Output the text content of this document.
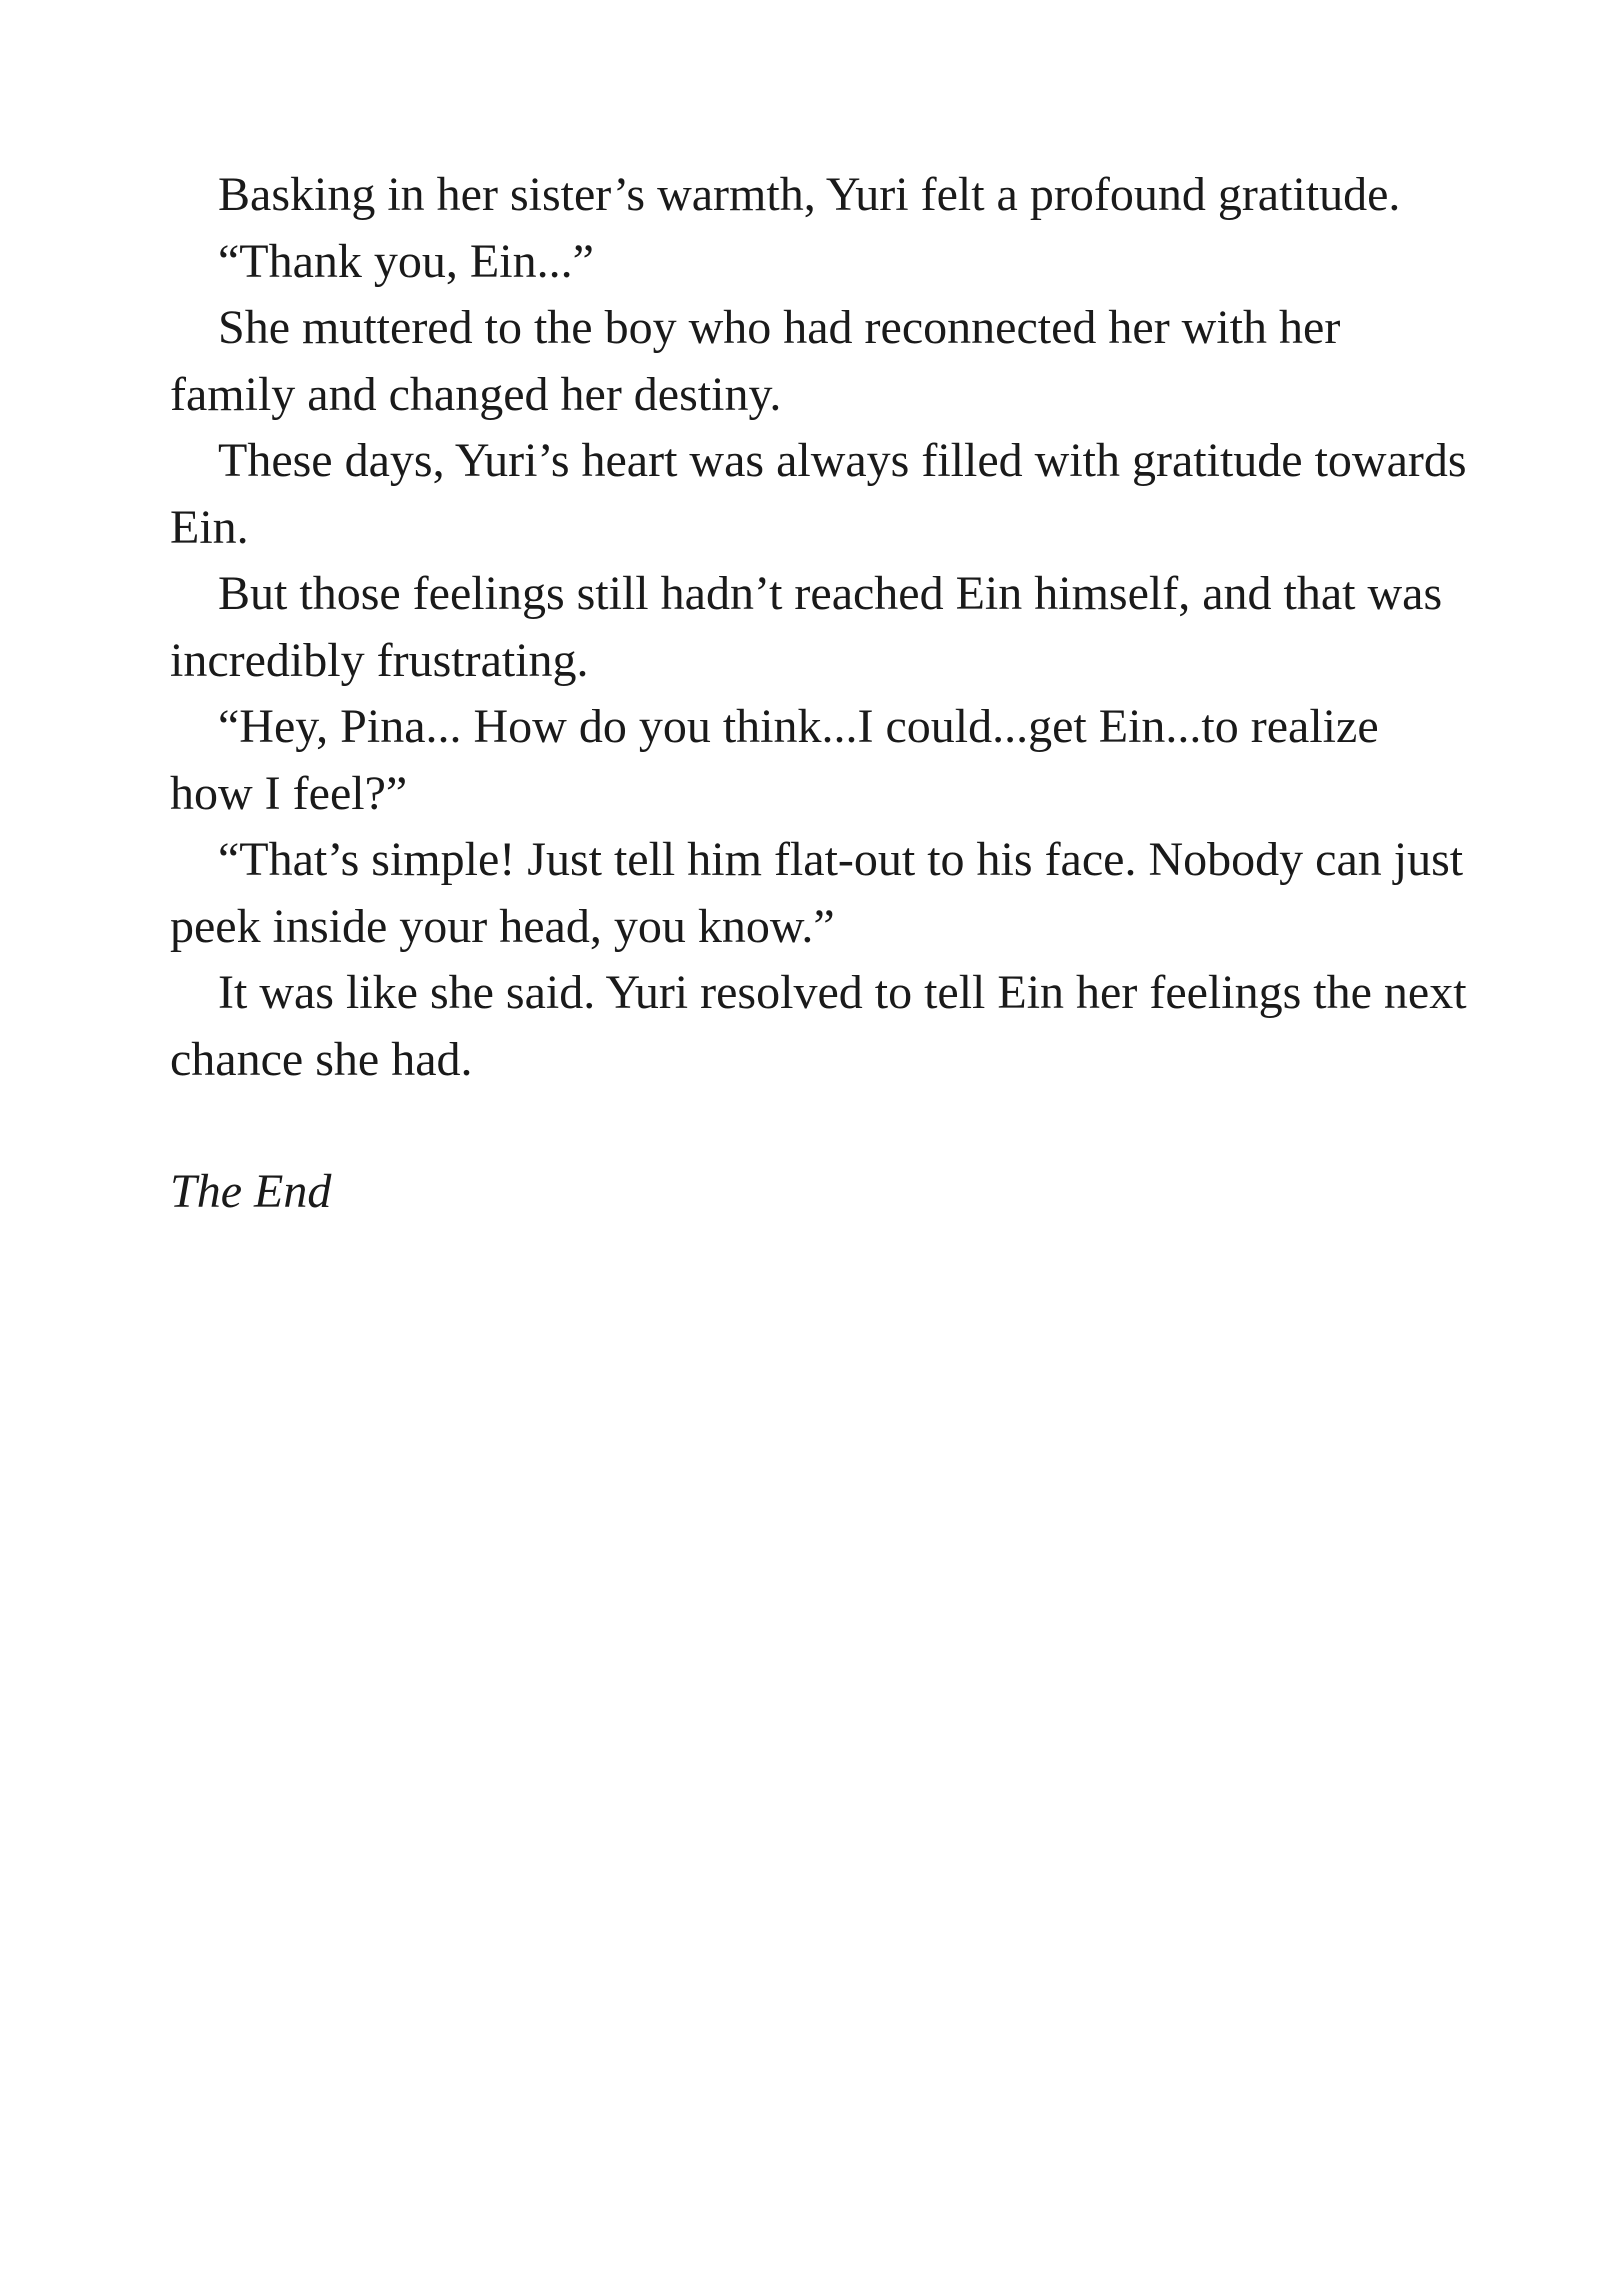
Basking in her sister’s warmth, Yuri felt a profound gratitude.

“Thank you, Ein...”

She muttered to the boy who had reconnected her with her family and changed her destiny.

These days, Yuri’s heart was always filled with gratitude towards Ein.

But those feelings still hadn’t reached Ein himself, and that was incredibly frustrating.

“Hey, Pina... How do you think...I could...get Ein...to realize how I feel?”

“That’s simple! Just tell him flat-out to his face. Nobody can just peek inside your head, you know.”

It was like she said. Yuri resolved to tell Ein her feelings the next chance she had.

The End
